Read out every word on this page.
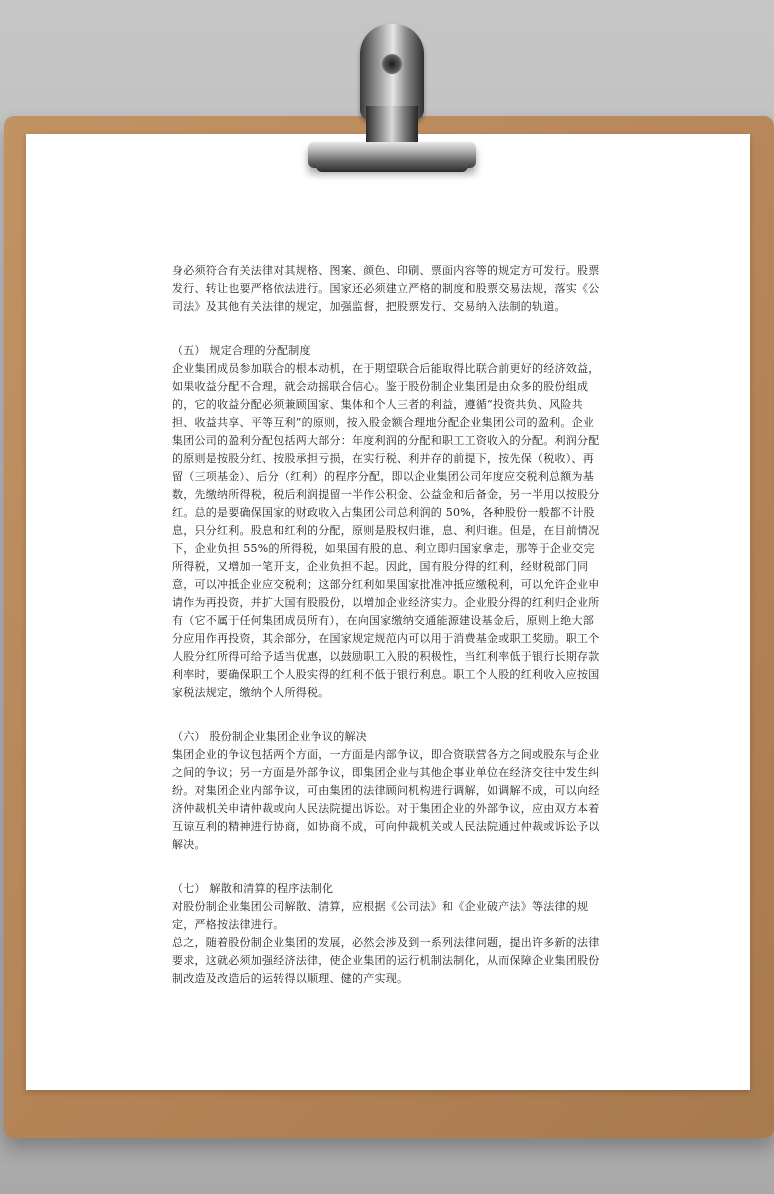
身必须符合有关法律对其规格、图案、颜色、印刷、票面内容等的规定方可发行。股票发行、转让也要严格依法进行。国家还必须建立严格的制度和股票交易法规，落实《公司法》及其他有关法律的规定，加强监督，把股票发行、交易纳入法制的轨道。

（五） 规定合理的分配制度

企业集团成员参加联合的根本动机，在于期望联合后能取得比联合前更好的经济效益，如果收益分配不合理，就会动摇联合信心。鉴于股份制企业集团是由众多的股份组成的，它的收益分配必须兼顾国家、集体和个人三者的利益，遵循“投资共负、风险共担、收益共享、平等互利”的原则，按入股金额合理地分配企业集团公司的盈利。企业集团公司的盈利分配包括两大部分：年度利润的分配和职工工资收入的分配。利润分配的原则是按股分红、按股承担亏损，在实行税、利并存的前提下，按先保（税收）、再留（三项基金）、后分（红利）的程序分配，即以企业集团公司年度应交税利总额为基数，先缴纳所得税，税后利润提留一半作公积金、公益金和后备金，另一半用以按股分红。总的是要确保国家的财政收入占集团公司总利润的 50%，各种股份一般都不计股息，只分红利。股息和红利的分配，原则是股权归谁，息、利归谁。但是，在目前情况下，企业负担 55%的所得税，如果国有股的息、利立即归国家拿走，那等于企业交完所得税，又增加一笔开支，企业负担不起。因此，国有股分得的红利，经财税部门同意，可以冲抵企业应交税利；这部分红利如果国家批准冲抵应缴税利，可以允许企业申请作为再投资，并扩大国有股股份，以增加企业经济实力。企业股分得的红利归企业所有（它不属于任何集团成员所有），在向国家缴纳交通能源建设基金后，原则上绝大部分应用作再投资，其余部分，在国家规定规范内可以用于消费基金或职工奖励。职工个人股分红所得可给予适当优惠，以鼓励职工入股的积极性，当红利率低于银行长期存款利率时，要确保职工个人股实得的红利不低于银行利息。职工个人股的红利收入应按国家税法规定，缴纳个人所得税。

（六） 股份制企业集团企业争议的解决

集团企业的争议包括两个方面，一方面是内部争议，即合资联营各方之间或股东与企业之间的争议；另一方面是外部争议，即集团企业与其他企事业单位在经济交往中发生纠纷。对集团企业内部争议，可由集团的法律顾问机构进行调解，如调解不成，可以向经济仲裁机关申请仲裁或向人民法院提出诉讼。对于集团企业的外部争议，应由双方本着互谅互利的精神进行协商，如协商不成，可向仲裁机关或人民法院通过仲裁或诉讼予以解决。

（七） 解散和清算的程序法制化

对股份制企业集团公司解散、清算，应根据《公司法》和《企业破产法》等法律的规定，严格按法律进行。

总之，随着股份制企业集团的发展，必然会涉及到一系列法律问题，提出许多新的法律要求，这就必须加强经济法律，使企业集团的运行机制法制化，从而保障企业集团股份制改造及改造后的运转得以顺理、健的产实现。
